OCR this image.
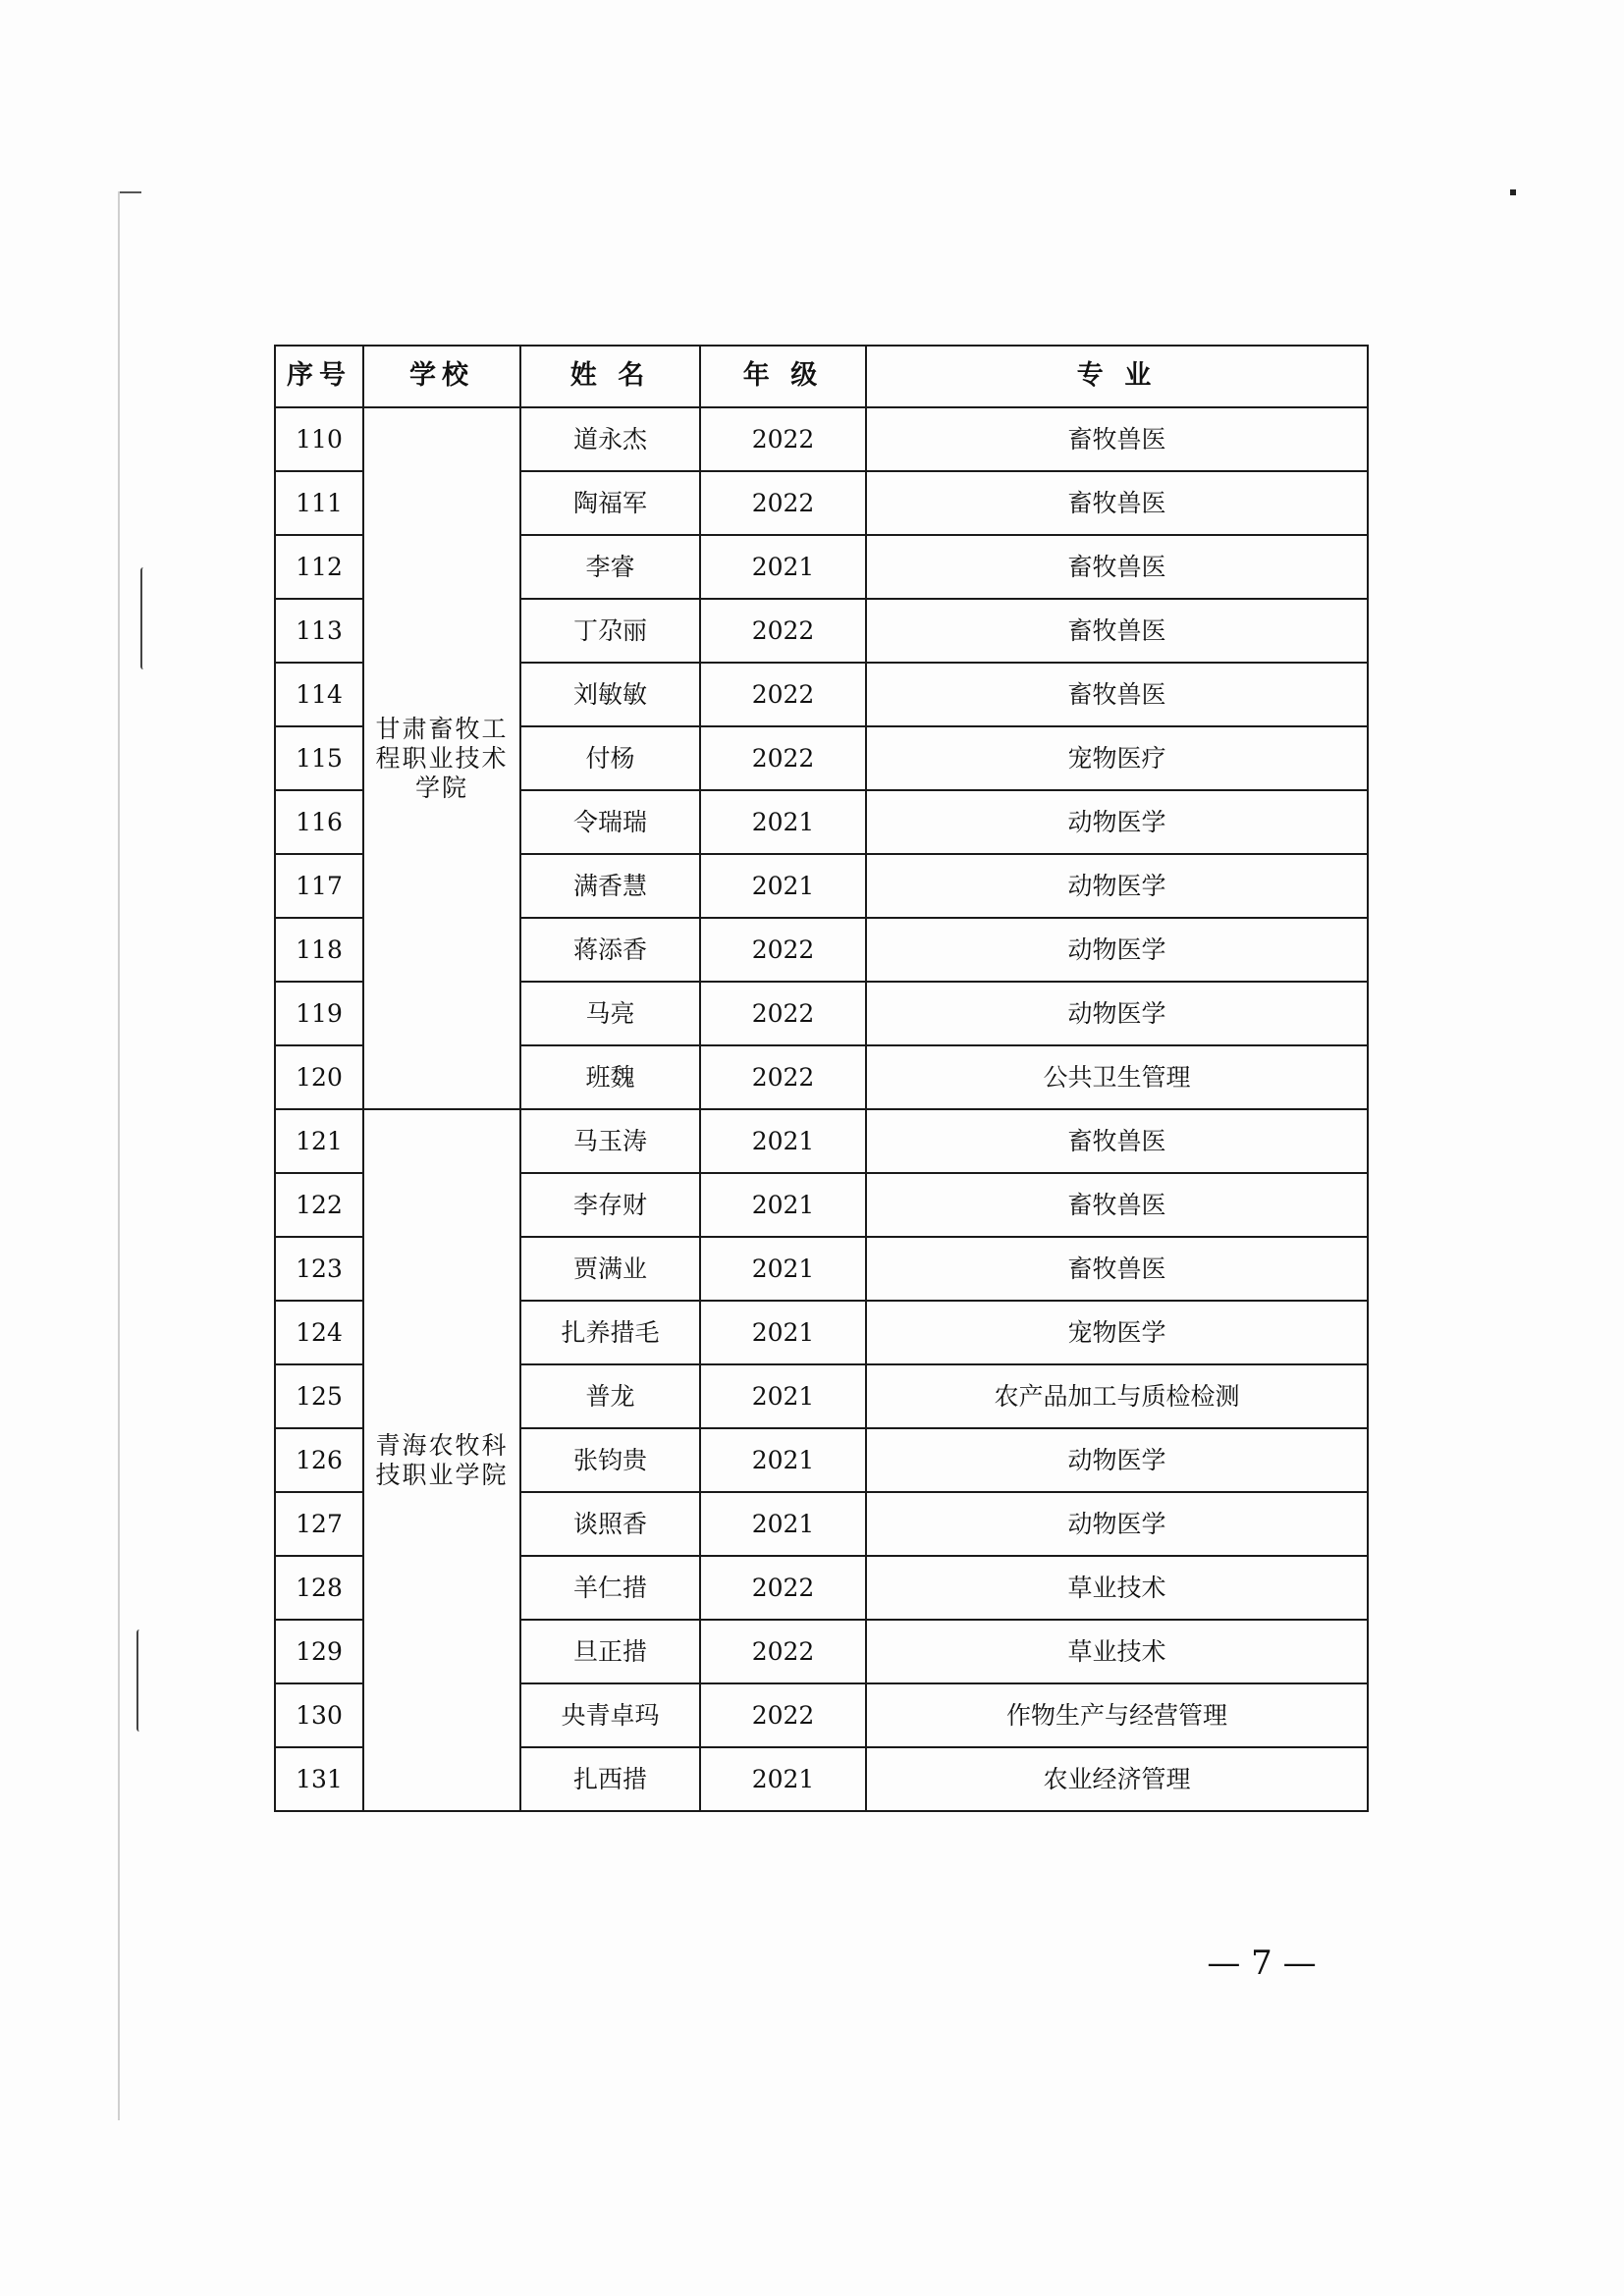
序号	学校	姓 名	年 级	专 业
110	甘肃畜牧工程职业技术学院	道永杰	2022	畜牧兽医
111		陶福军	2022	畜牧兽医
112		李睿	2021	畜牧兽医
113		丁尕丽	2022	畜牧兽医
114		刘敏敏	2022	畜牧兽医
115		付杨	2022	宠物医疗
116		令瑞瑞	2021	动物医学
117		满香慧	2021	动物医学
118		蒋添香	2022	动物医学
119		马亮	2022	动物医学
120		班魏	2022	公共卫生管理
121	青海农牧科技职业学院	马玉涛	2021	畜牧兽医
122		李存财	2021	畜牧兽医
123		贾满业	2021	畜牧兽医
124		扎养措毛	2021	宠物医学
125		普龙	2021	农产品加工与质检检测
126		张钧贵	2021	动物医学
127		谈照香	2021	动物医学
128		羊仁措	2022	草业技术
129		旦正措	2022	草业技术
130		央青卓玛	2022	作物生产与经营管理
131		扎西措	2021	农业经济管理
— 7 —
